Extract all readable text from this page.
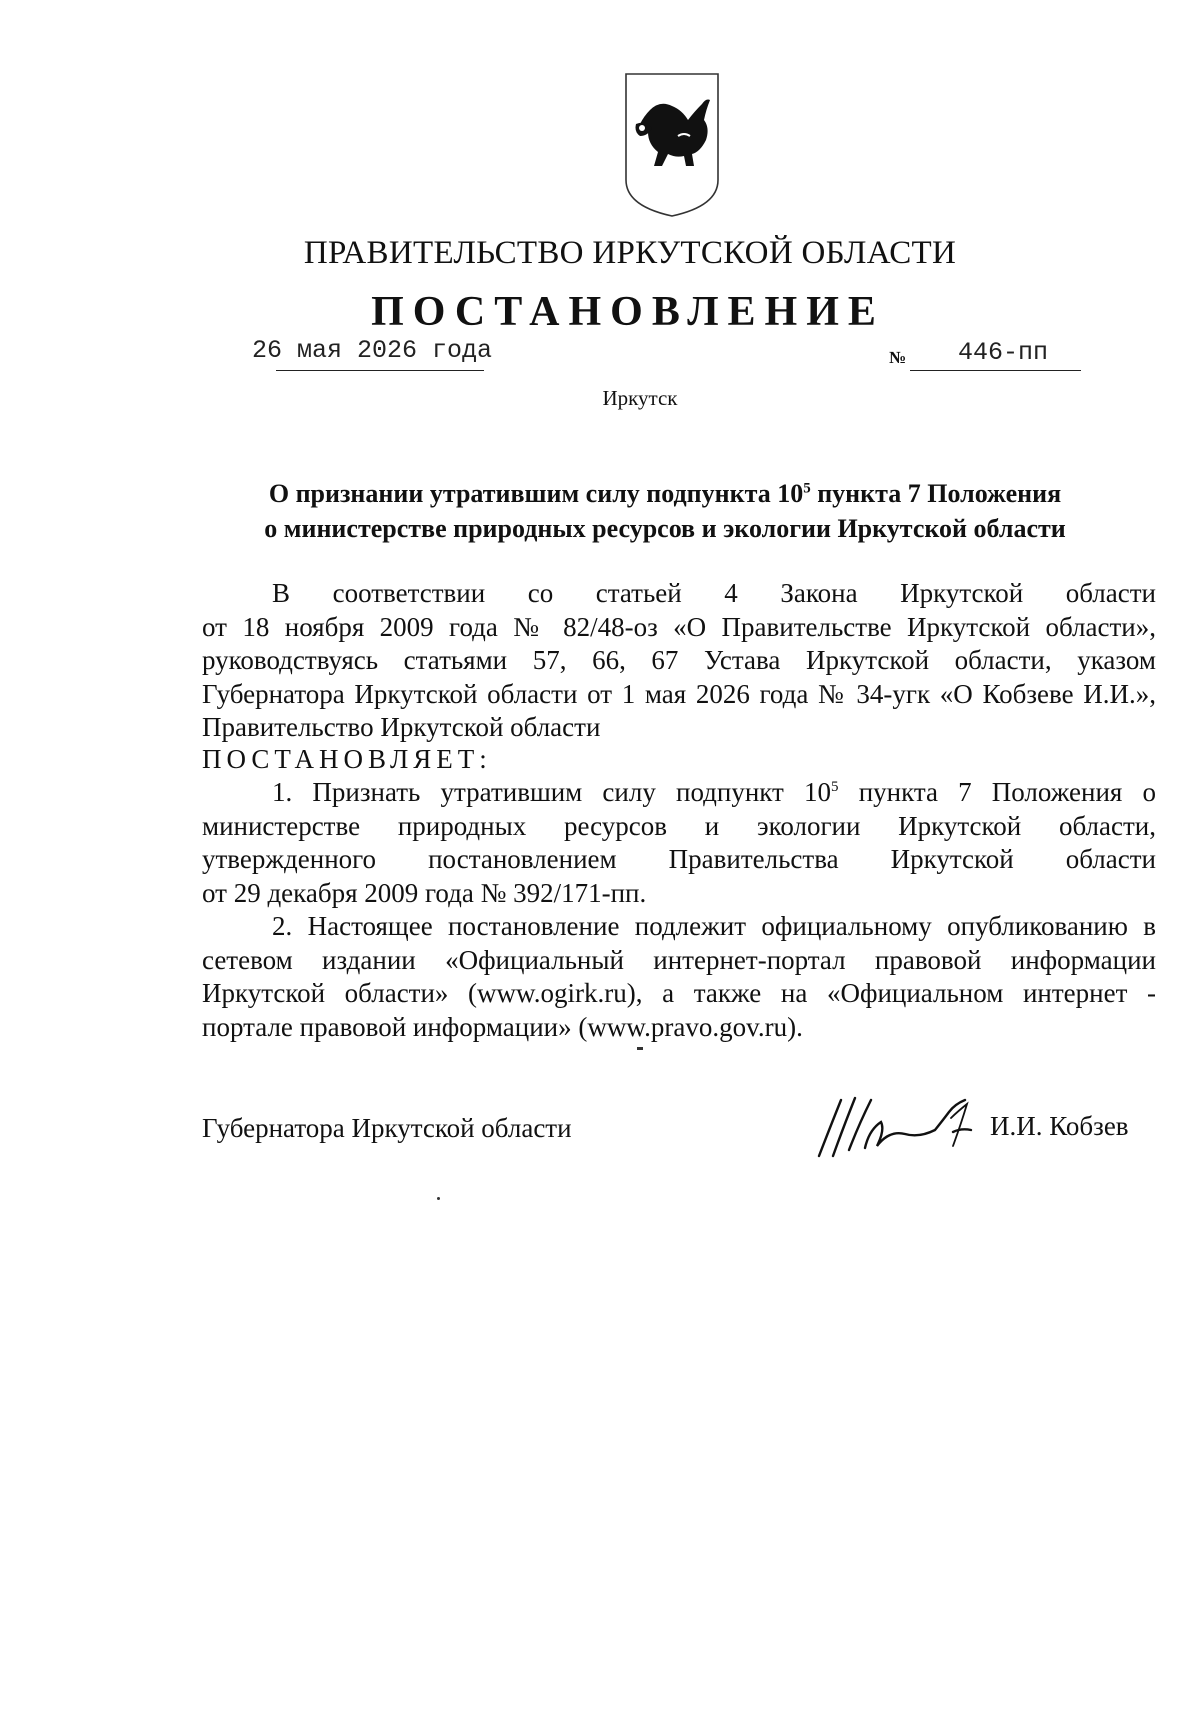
ПРАВИТЕЛЬСТВО ИРКУТСКОЙ ОБЛАСТИ
ПОСТАНОВЛЕНИЕ
26 мая 2026 года	№ 446-пп
Иркутск
О признании утратившим силу подпункта $10^5$ пункта 7 Положения
о министерстве природных ресурсов и экологии Иркутской области
В соответствии со статьей 4 Закона Иркутской области
от 18 ноября 2009 года № 82/48-оз «О Правительстве Иркутской области»,
руководствуясь статьями 57, 66, 67 Устава Иркутской области, указом
Губернатора Иркутской области от 1 мая 2026 года № 34-угк «О Кобзеве И.И.»,
Правительство Иркутской области
ПОСТАНОВЛЯЕТ:
1. Признать утратившим силу подпункт $10^5$ пункта 7 Положения о
министерстве природных ресурсов и экологии Иркутской области,
утвержденного постановлением Правительства Иркутской области
от 29 декабря 2009 года № 392/171-пп.
2. Настоящее постановление подлежит официальному опубликованию в
сетевом издании «Официальный интернет-портал правовой информации
Иркутской области» (www.ogirk.ru), а также на «Официальном интернет -
портале правовой информации» (www.pravo.gov.ru).
Губернатора Иркутской области	И.И. Кобзев
